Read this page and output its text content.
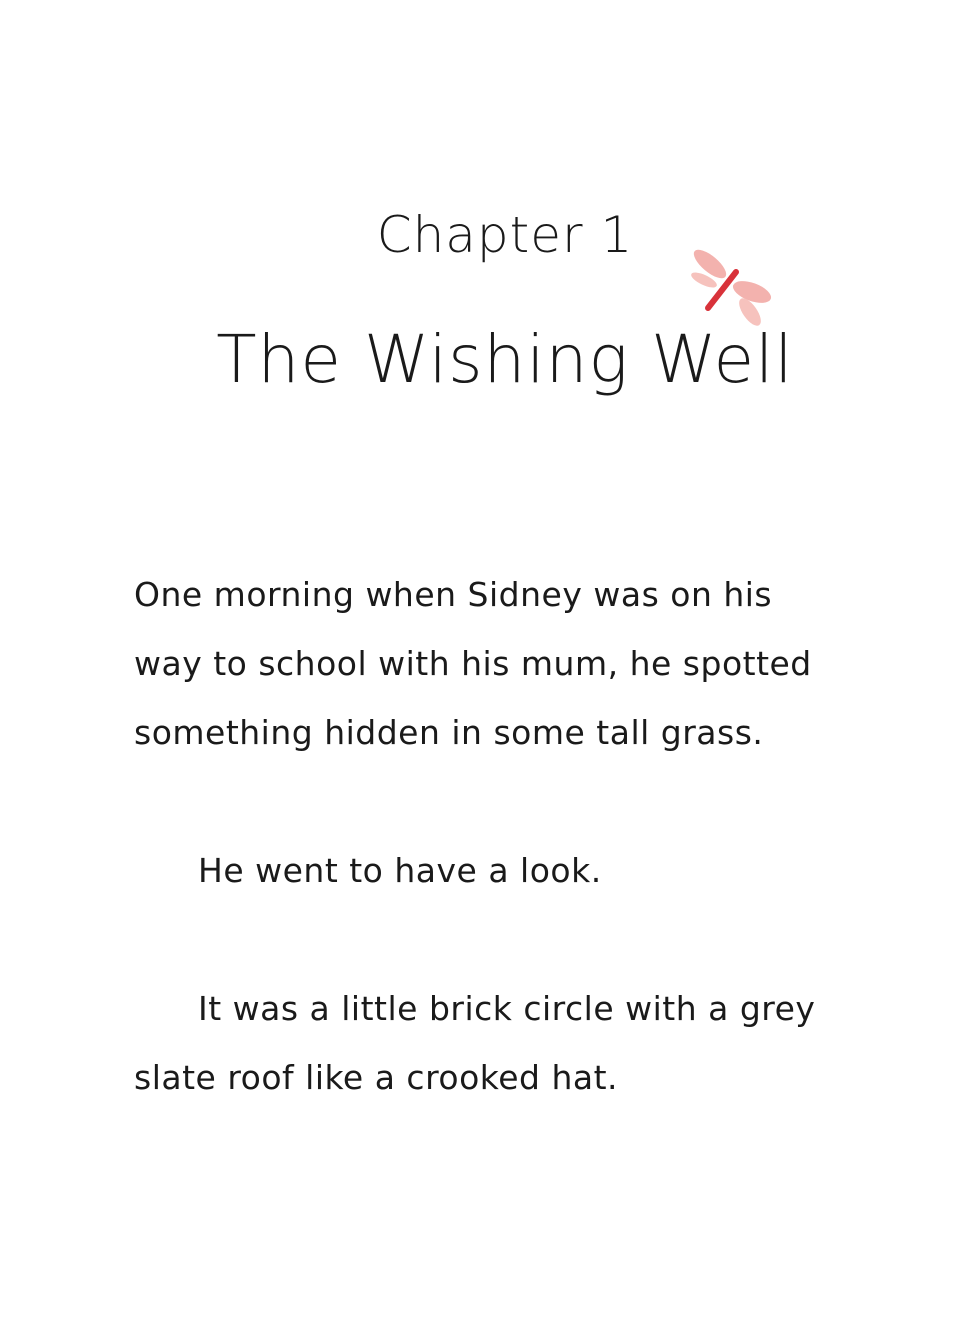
Chapter 1
The Wishing Well
One morning when Sidney was on his
way to school with his mum, he spotted
something hidden in some tall grass.
He went to have a look.
It was a little brick circle with a grey
slate roof like a crooked hat.
